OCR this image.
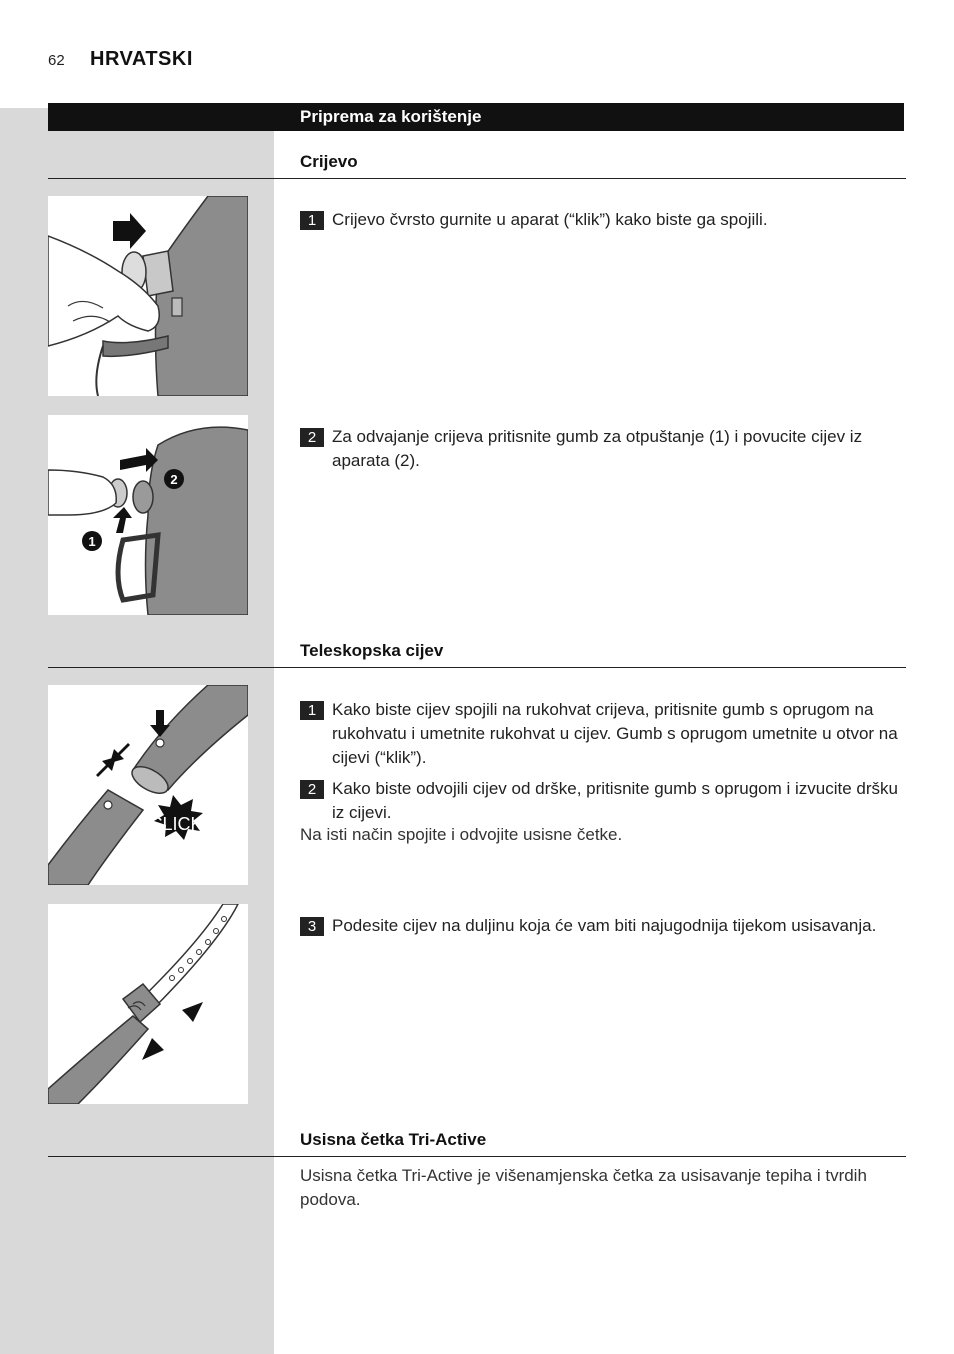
62 HRVATSKI
Priprema za korištenje
Crijevo
1 Crijevo čvrsto gurnite u aparat (“klik”) kako biste ga spojili.
2
1
2 Za odvajanje crijeva pritisnite gumb za otpuštanje (1) i povucite cijev iz aparata (2).
Teleskopska cijev
CLICK
1 Kako biste cijev spojili na rukohvat crijeva, pritisnite gumb s oprugom na rukohvatu i umetnite rukohvat u cijev. Gumb s oprugom umetnite u otvor na cijevi (“klik”).
2 Kako biste odvojili cijev od drške, pritisnite gumb s oprugom i izvucite dršku iz cijevi.
Na isti način spojite i odvojite usisne četke.
3 Podesite cijev na duljinu koja će vam biti najugodnija tijekom usisavanja.
Usisna četka Tri-Active
Usisna četka Tri-Active je višenamjenska četka za usisavanje tepiha i tvrdih podova.
